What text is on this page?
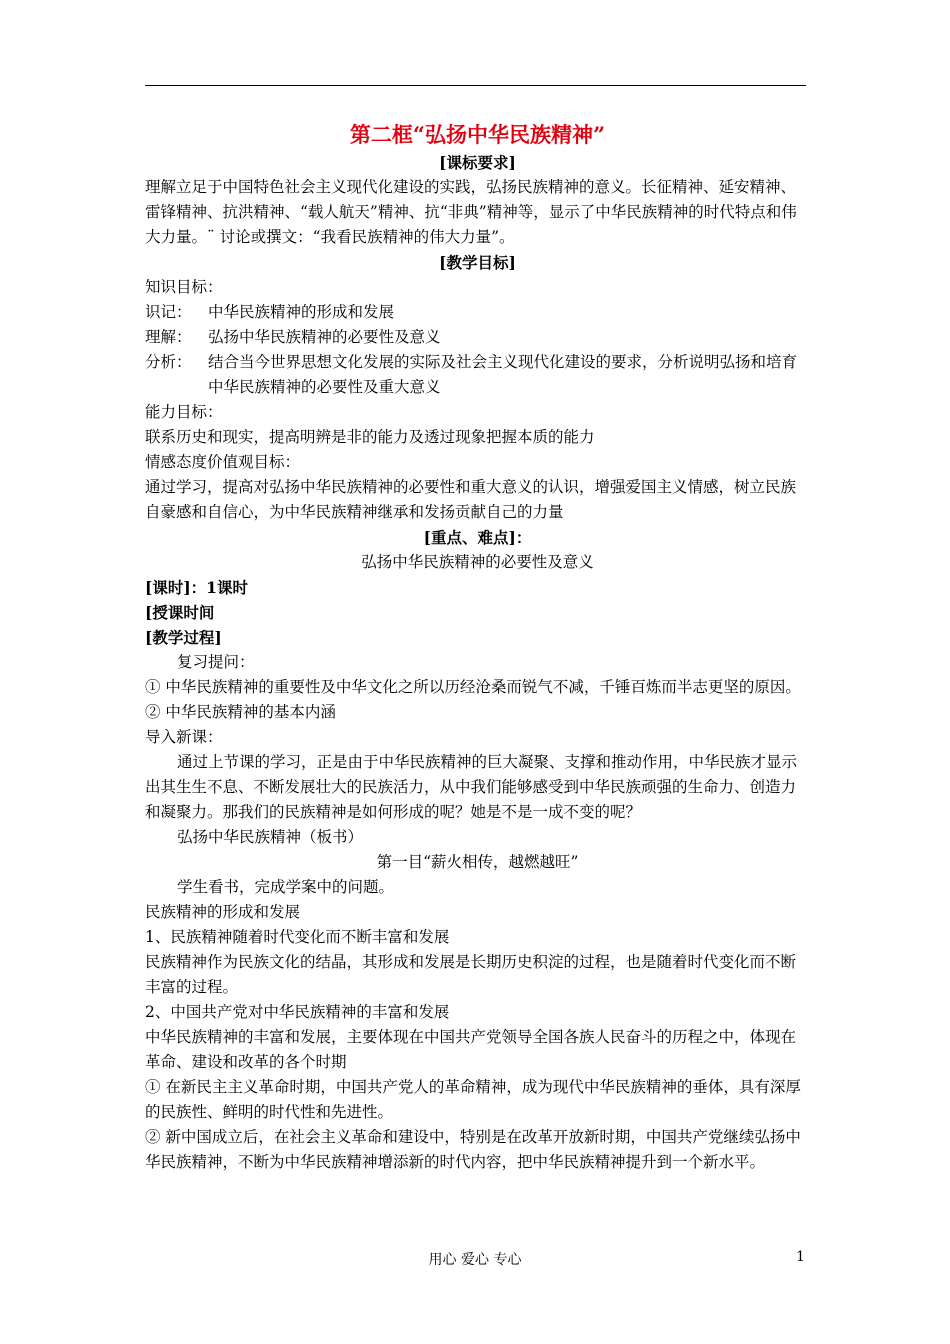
第二框“弘扬中华民族精神”

[课标要求]

理解立足于中国特色社会主义现代化建设的实践，弘扬民族精神的意义。长征精神、延安精神、雷锋精神、抗洪精神、“载人航天”精神、抗“非典”精神等，显示了中华民族精神的时代特点和伟大力量。¨ 讨论或撰文：“我看民族精神的伟大力量”。

[教学目标]

知识目标：

识记： 中华民族精神的形成和发展

理解： 弘扬中华民族精神的必要性及意义

分析： 结合当今世界思想文化发展的实际及社会主义现代化建设的要求，分析说明弘扬和培育中华民族精神的必要性及重大意义

能力目标：

联系历史和现实，提高明辨是非的能力及透过现象把握本质的能力

情感态度价值观目标：

通过学习，提高对弘扬中华民族精神的必要性和重大意义的认识，增强爱国主义情感，树立民族自豪感和自信心，为中华民族精神继承和发扬贡献自己的力量

[重点、难点]：

弘扬中华民族精神的必要性及意义

[课时]：1课时

[授课时间

[教学过程]

复习提问：

① 中华民族精神的重要性及中华文化之所以历经沧桑而锐气不减，千锤百炼而半志更坚的原因。

② 中华民族精神的基本内涵

导入新课：

通过上节课的学习，正是由于中华民族精神的巨大凝聚、支撑和推动作用，中华民族才显示出其生生不息、不断发展壮大的民族活力，从中我们能够感受到中华民族顽强的生命力、创造力和凝聚力。那我们的民族精神是如何形成的呢？她是不是一成不变的呢？

弘扬中华民族精神（板书）

第一目“薪火相传，越燃越旺”

学生看书，完成学案中的问题。

民族精神的形成和发展

1、民族精神随着时代变化而不断丰富和发展

民族精神作为民族文化的结晶，其形成和发展是长期历史积淀的过程，也是随着时代变化而不断丰富的过程。

2、中国共产党对中华民族精神的丰富和发展

中华民族精神的丰富和发展，主要体现在中国共产党领导全国各族人民奋斗的历程之中，体现在革命、建设和改革的各个时期

① 在新民主主义革命时期，中国共产党人的革命精神，成为现代中华民族精神的垂体，具有深厚的民族性、鲜明的时代性和先进性。

② 新中国成立后，在社会主义革命和建设中，特别是在改革开放新时期，中国共产党继续弘扬中华民族精神，不断为中华民族精神增添新的时代内容，把中华民族精神提升到一个新水平。

用心 爱心 专心	1
